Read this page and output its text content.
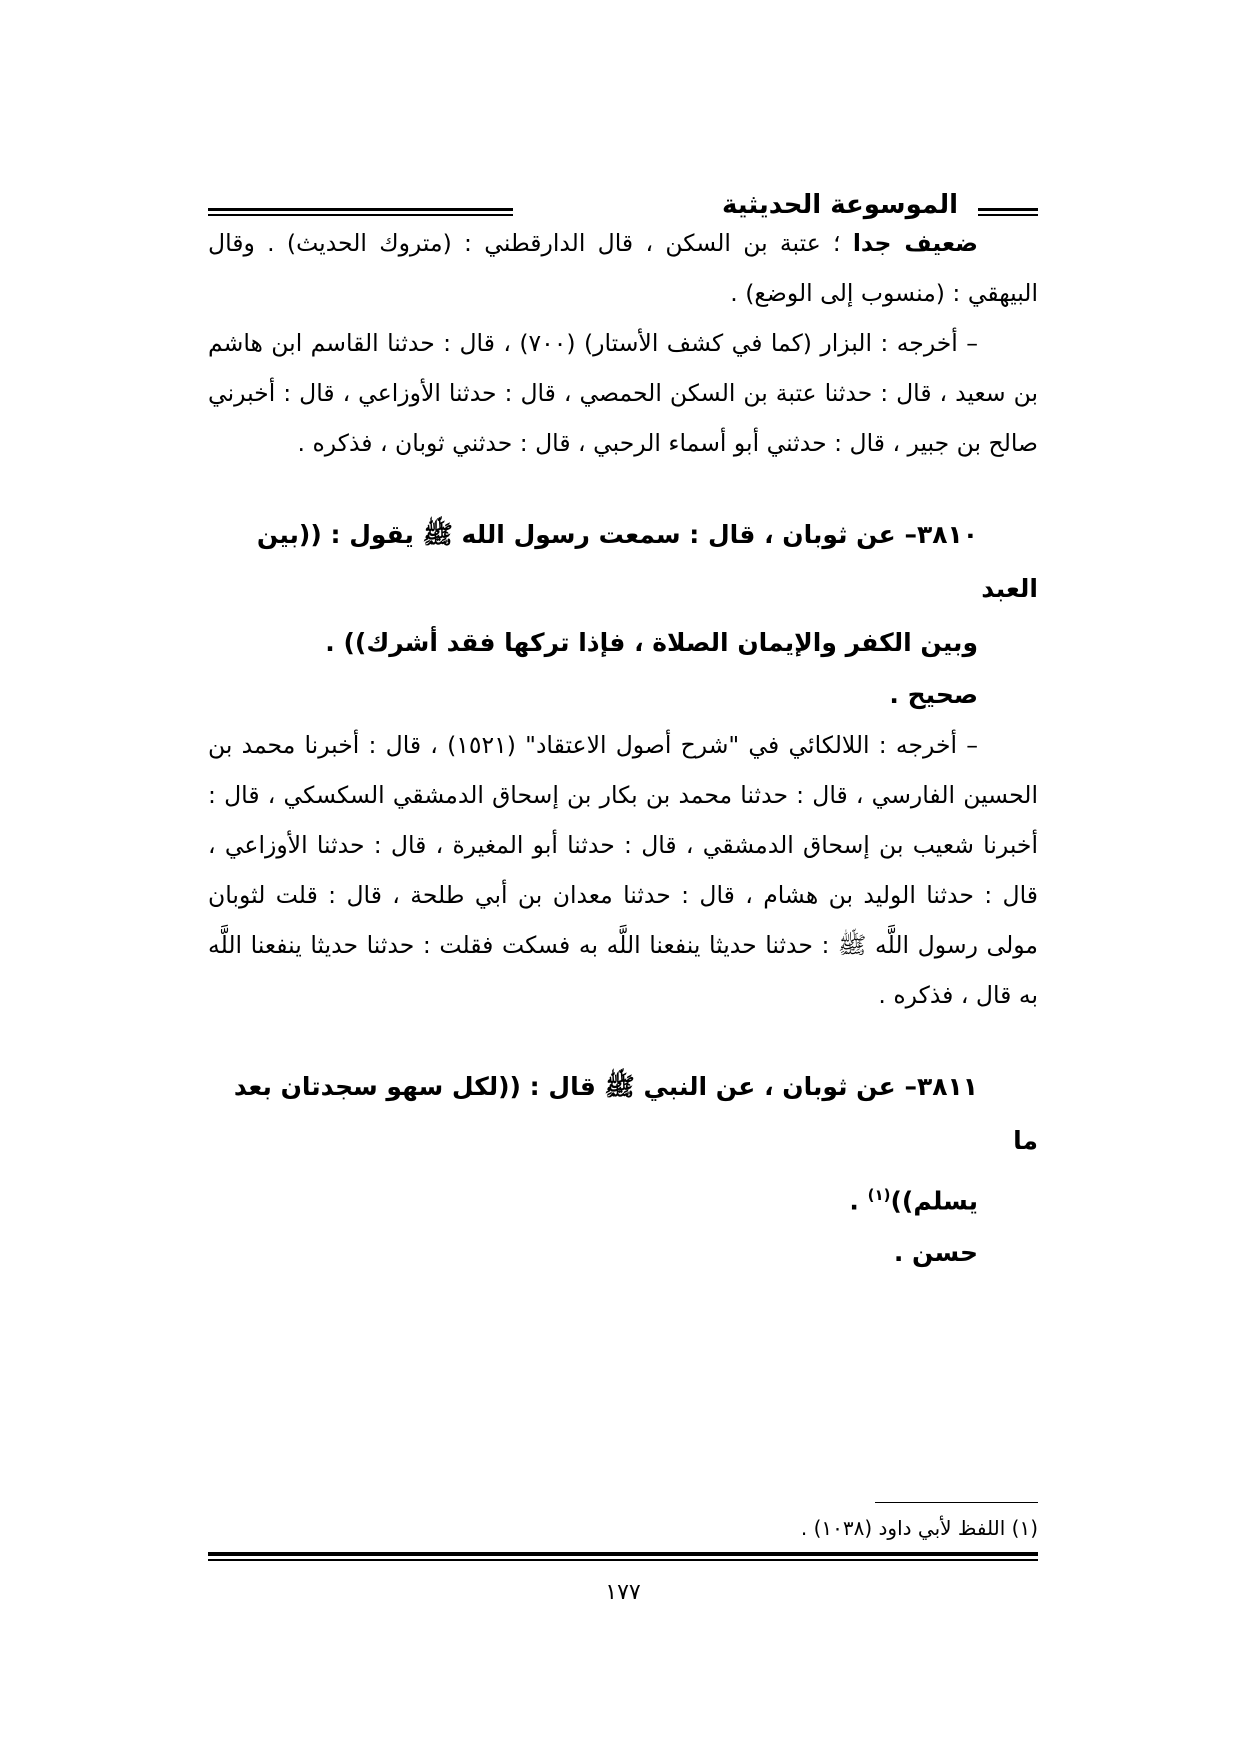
الموسوعة الحديثية

ضعيف جدا ؛ عتبة بن السكن ، قال الدارقطني : (متروك الحديث) . وقال البيهقي : (منسوب إلى الوضع) .

– أخرجه : البزار (كما في كشف الأستار) (٧٠٠) ، قال : حدثنا القاسم ابن هاشم بن سعيد ، قال : حدثنا عتبة بن السكن الحمصي ، قال : حدثنا الأوزاعي ، قال : أخبرني صالح بن جبير ، قال : حدثني أبو أسماء الرحبي ، قال : حدثني ثوبان ، فذكره .

٣٨١٠– عن ثوبان ، قال : سمعت رسول الله ﷺ يقول : ((بين العبد
وبين الكفر والإيمان الصلاة ، فإذا تركها فقد أشرك)) .

صحيح .

– أخرجه : اللالكائي في "شرح أصول الاعتقاد" (١٥٢١) ، قال : أخبرنا محمد بن الحسين الفارسي ، قال : حدثنا محمد بن بكار بن إسحاق الدمشقي السكسكي ، قال : أخبرنا شعيب بن إسحاق الدمشقي ، قال : حدثنا أبو المغيرة ، قال : حدثنا الأوزاعي ، قال : حدثنا الوليد بن هشام ، قال : حدثنا معدان بن أبي طلحة ، قال : قلت لثوبان مولى رسول اللَّه ﷺ : حدثنا حديثا ينفعنا اللَّه به فسكت فقلت : حدثنا حديثا ينفعنا اللَّه به قال ، فذكره .

٣٨١١– عن ثوبان ، عن النبي ﷺ قال : ((لكل سهو سجدتان بعد ما
يسلم))$^{(١)}$ .

حسن .

(١) اللفظ لأبي داود (١٠٣٨) .
١٧٧
